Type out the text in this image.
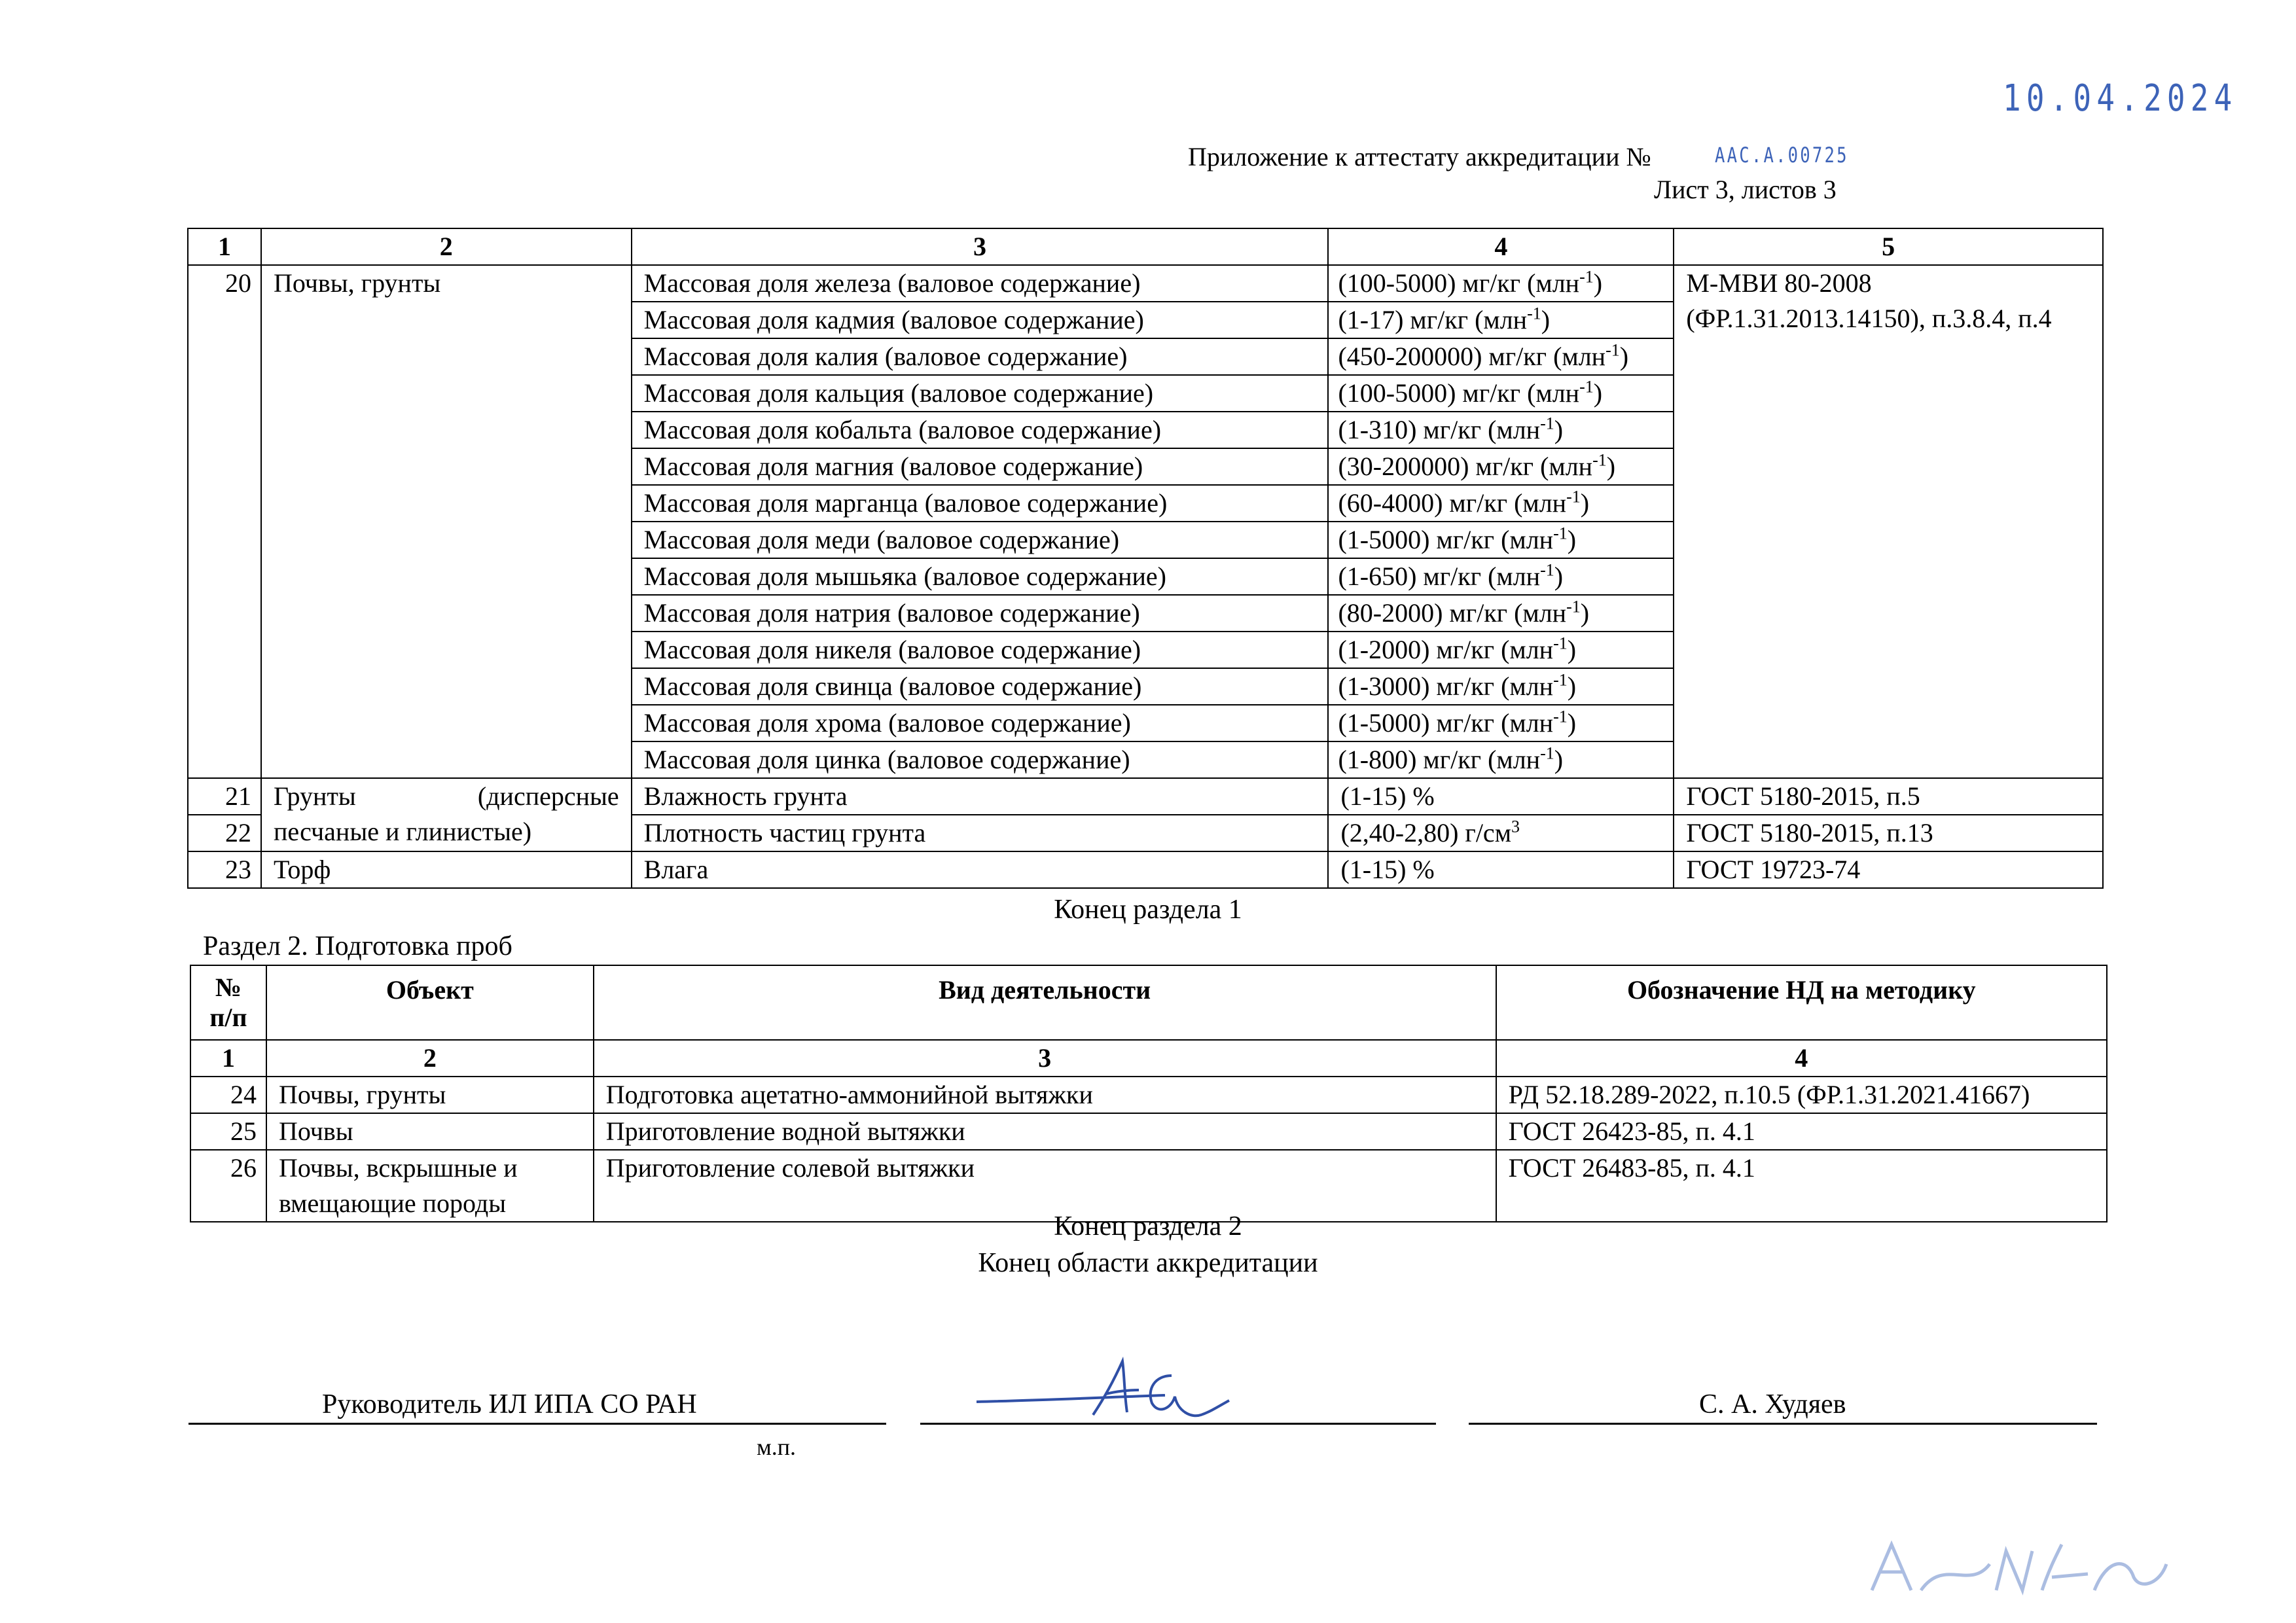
10.04.2024
Приложение к аттестату аккредитации №	ААС.А.00725
Лист 3, листов 3
1	2	3	4	5
20	Почвы, грунты	Массовая доля железа (валовое содержание)	(100-5000) мг/кг (млн$^{-1}$)	М-МВИ 80-2008
(ФР.1.31.2013.14150), п.3.8.4, п.4

		Массовая доля кадмия (валовое содержание)	(1-17) мг/кг (млн$^{-1}$)	
		Массовая доля калия (валовое содержание)	(450-200000) мг/кг (млн$^{-1}$)	
		Массовая доля кальция (валовое содержание)	(100-5000) мг/кг (млн$^{-1}$)	
		Массовая доля кобальта (валовое содержание)	(1-310) мг/кг (млн$^{-1}$)	
		Массовая доля магния (валовое содержание)	(30-200000) мг/кг (млн$^{-1}$)	
		Массовая доля марганца (валовое содержание)	(60-4000) мг/кг (млн$^{-1}$)	
		Массовая доля меди (валовое содержание)	(1-5000) мг/кг (млн$^{-1}$)	
		Массовая доля мышьяка (валовое содержание)	(1-650) мг/кг (млн$^{-1}$)	
		Массовая доля натрия (валовое содержание)	(80-2000) мг/кг (млн$^{-1}$)	
		Массовая доля никеля (валовое содержание)	(1-2000) мг/кг (млн$^{-1}$)	
		Массовая доля свинца (валовое содержание)	(1-3000) мг/кг (млн$^{-1}$)	
		Массовая доля хрома (валовое содержание)	(1-5000) мг/кг (млн$^{-1}$)	
		Массовая доля цинка (валовое содержание)	(1-800) мг/кг (млн$^{-1}$)	
21	Грунты (дисперсные
песчаные и глинистые)	Влажность грунта	(1-15) %	ГОСТ 5180-2015, п.5
22		Плотность частиц грунта	(2,40-2,80) $г/см^3$	ГОСТ 5180-2015, п.13
23	Торф	Влага	(1-15) %	ГОСТ 19723-74
Конец раздела 1
Раздел 2. Подготовка проб
№
п/п	Объект	Вид деятельности	Обозначение НД на методику
1	2	3	4
24	Почвы, грунты	Подготовка ацетатно-аммонийной вытяжки	РД 52.18.289-2022, п.10.5 (ФР.1.31.2021.41667)
25	Почвы	Приготовление водной вытяжки	ГОСТ 26423-85, п. 4.1
26	Почвы, вскрышные и
вмещающие породы	Приготовление солевой вытяжки	ГОСТ 26483-85, п. 4.1
Конец раздела 2
Конец области аккредитации
Руководитель ИЛ ИПА СО РАН	С. А. Худяев
м.п.
